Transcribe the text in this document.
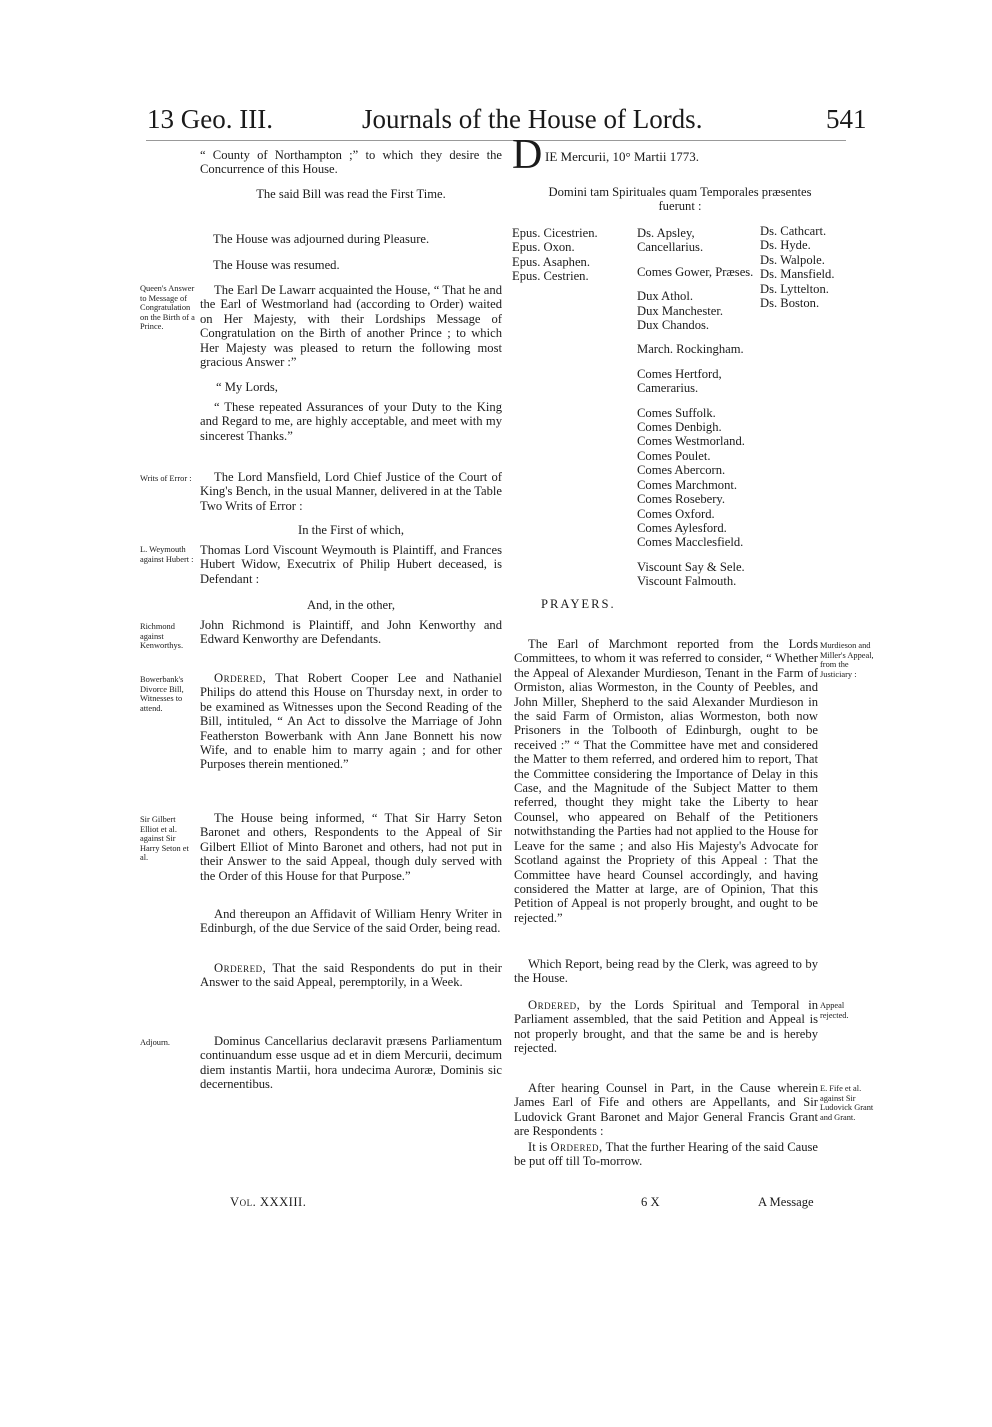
13 Geo. III.	Journals of the House of Lords.	541
“ County of Northampton ;” to which they desire the Concurrence of this House.
The said Bill was read the First Time.
The House was adjourned during Pleasure.
The House was resumed.
Queen's Answer to Message of Congratulation on the Birth of a Prince.

The Earl De Lawarr acquainted the House, “ That he and the Earl of Westmorland had (according to Order) waited on Her Majesty, with their Lordships Message of Congratulation on the Birth of another Prince ; to which Her Majesty was pleased to return the following most gracious Answer :”

“ My Lords,

“ These repeated Assurances of your Duty to the King and Regard to me, are highly acceptable, and meet with my sincerest Thanks.”

Writs of Error :	The Lord Mansfield, Lord Chief Justice of the Court of King's Bench, in the usual Manner, delivered in at the Table Two Writs of Error :

In the First of which,
L. Weymouth against Hubert :

Thomas Lord Viscount Weymouth is Plaintiff, and Frances Hubert Widow, Executrix of Philip Hubert deceased, is Defendant :

And, in the other,
Richmond against Kenworthys.

John Richmond is Plaintiff, and John Kenworthy and Edward Kenworthy are Defendants.

Bowerbank's Divorce Bill, Witnesses to attend.

Ordered, That Robert Cooper Lee and Nathaniel Philips do attend this House on Thursday next, in order to be examined as Witnesses upon the Second Reading of the Bill, intituled, “ An Act to dissolve the Marriage of John Featherston Bowerbank with Ann Jane Bonnett his now Wife, and to enable him to marry again ; and for other Purposes therein mentioned.”

Sir Gilbert Elliot et al. against Sir Harry Seton et al.

The House being informed, “ That Sir Harry Seton Baronet and others, Respondents to the Appeal of Sir Gilbert Elliot of Minto Baronet and others, had not put in their Answer to the said Appeal, though duly served with the Order of this House for that Purpose.”

And thereupon an Affidavit of William Henry Writer in Edinburgh, of the due Service of the said Order, being read.

Ordered, That the said Respondents do put in their Answer to the said Appeal, peremptorily, in a Week.

Adjourn.	Dominus Cancellarius declaravit præsens Parliamentum continuandum esse usque ad et in diem Mercurii, decimum diem instantis Martii, hora undecima Auroræ, Dominis sic decernentibus.

D IE Mercurii, 10° Martii 1773.
Domini tam Spirituales quam Temporales præsentes fuerunt :
Epus. Cicestrien.
Epus. Oxon.
Epus. Asaphen.
Epus. Cestrien.
Ds. Apsley, Cancellarius.
Comes Gower, Præses.
Dux Athol.
Dux Manchester.
Dux Chandos.
March. Rockingham.
Comes Hertford, Camerarius.
Comes Suffolk.
Comes Denbigh.
Comes Westmorland.
Comes Poulet.
Comes Abercorn.
Comes Marchmont.
Comes Rosebery.
Comes Oxford.
Comes Aylesford.
Comes Macclesfield.
Viscount Say & Sele.
Viscount Falmouth.
Ds. Cathcart.
Ds. Hyde.
Ds. Walpole.
Ds. Mansfield.
Ds. Lyttelton.
Ds. Boston.
PRAYERS.

The Earl of Marchmont reported from the Lords Committees, to whom it was referred to consider, “ Whether the Appeal of Alexander Murdieson, Tenant in the Farm of Ormiston, alias Wormeston, in the County of Peebles, and John Miller, Shepherd to the said Alexander Murdieson in the said Farm of Ormiston, alias Wormeston, both now Prisoners in the Tolbooth of Edinburgh, ought to be received :” “ That the Committee have met and considered the Matter to them referred, and ordered him to report, That the Committee considering the Importance of Delay in this Case, and the Magnitude of the Subject Matter to them referred, thought they might take the Liberty to hear Counsel, who appeared on Behalf of the Petitioners notwithstanding the Parties had not applied to the House for Leave for the same ; and also His Majesty's Advocate for Scotland against the Propriety of this Appeal : That the Committee have heard Counsel accordingly, and having considered the Matter at large, are of Opinion, That this Petition of Appeal is not properly brought, and ought to be rejected.”

Murdieson and Miller's Appeal, from the Justiciary :

Which Report, being read by the Clerk, was agreed to by the House.

Ordered, by the Lords Spiritual and Temporal in Parliament assembled, that the said Petition and Appeal is not properly brought, and that the same be and is hereby rejected.

Appeal rejected.

After hearing Counsel in Part, in the Cause wherein James Earl of Fife and others are Appellants, and Sir Ludovick Grant Baronet and Major General Francis Grant are Respondents :

E. Fife et al. against Sir Ludovick Grant and Grant.

It is Ordered, That the further Hearing of the said Cause be put off till To-morrow.

Vol. XXXIII.	6 X	A Message
